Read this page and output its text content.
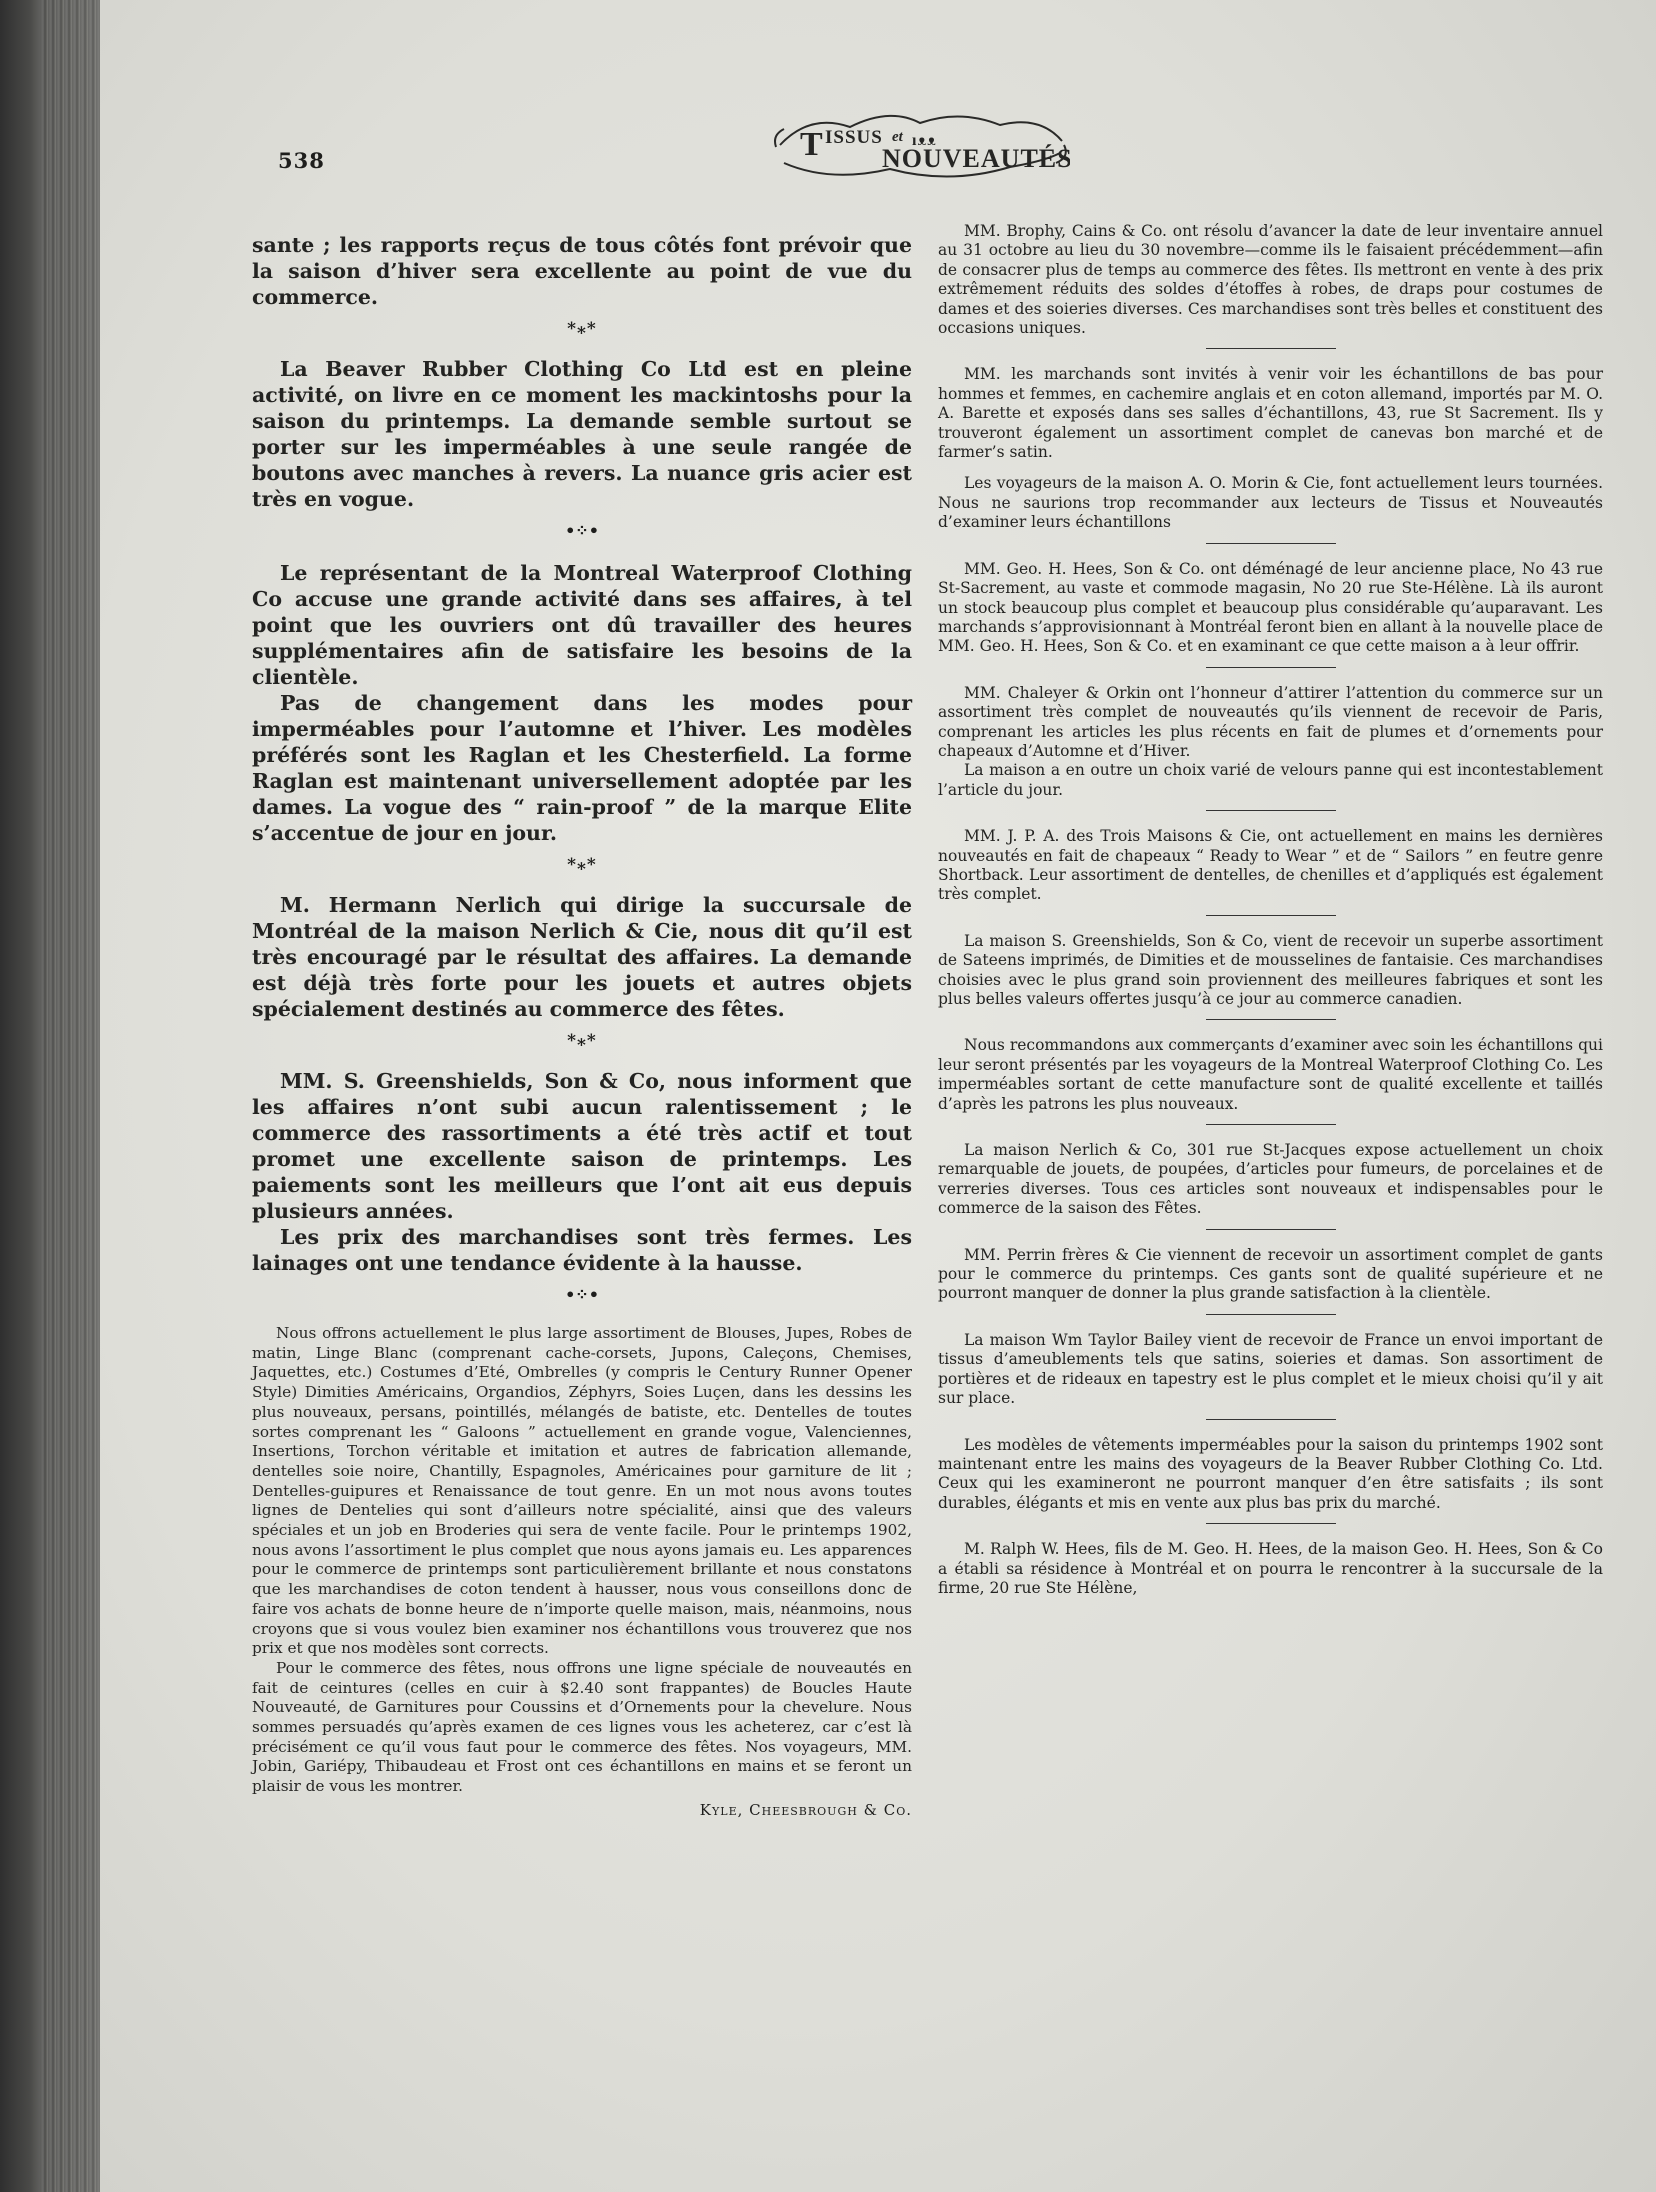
538	T ISSUS et ıᴥᴥ
NOUVEAUTÉS

sante ; les rapports reçus de tous côtés font prévoir que la saison d’hiver sera excellente au point de vue du commerce.

*⁎*

La Beaver Rubber Clothing Co Ltd est en pleine activité, on livre en ce moment les mackintoshs pour la saison du printemps. La demande semble surtout se porter sur les imperméables à une seule rangée de boutons avec manches à revers. La nuance gris acier est très en vogue.

•⁘•

Le représentant de la Montreal Waterproof Clothing Co accuse une grande activité dans ses affaires, à tel point que les ouvriers ont dû travailler des heures supplémentaires afin de satisfaire les besoins de la clientèle.

Pas de changement dans les modes pour imperméables pour l’automne et l’hiver. Les modèles préférés sont les Raglan et les Chesterfield. La forme Raglan est maintenant universellement adoptée par les dames. La vogue des “ rain-proof ” de la marque Elite s’accentue de jour en jour.

*⁎*

M. Hermann Nerlich qui dirige la succursale de Montréal de la maison Nerlich & Cie, nous dit qu’il est très encouragé par le résultat des affaires. La demande est déjà très forte pour les jouets et autres objets spécialement destinés au commerce des fêtes.

*⁎*

MM. S. Greenshields, Son & Co, nous informent que les affaires n’ont subi aucun ralentissement ; le commerce des rassortiments a été très actif et tout promet une excellente saison de printemps. Les paiements sont les meilleurs que l’ont ait eus depuis plusieurs années.

Les prix des marchandises sont très fermes. Les lainages ont une tendance évidente à la hausse.

•⁘•

Nous offrons actuellement le plus large assortiment de Blouses, Jupes, Robes de matin, Linge Blanc (comprenant cache-corsets, Jupons, Caleçons, Chemises, Jaquettes, etc.) Costumes d’Eté, Ombrelles (y compris le Century Runner Opener Style) Dimities Américains, Organdios, Zéphyrs, Soies Luçen, dans les dessins les plus nouveaux, persans, pointillés, mélangés de batiste, etc. Dentelles de toutes sortes comprenant les “ Galoons ” actuellement en grande vogue, Valenciennes, Insertions, Torchon véritable et imitation et autres de fabrication allemande, dentelles soie noire, Chantilly, Espagnoles, Américaines pour garniture de lit ; Dentelles-guipures et Renaissance de tout genre. En un mot nous avons toutes lignes de Dentelies qui sont d’ailleurs notre spécialité, ainsi que des valeurs spéciales et un job en Broderies qui sera de vente facile. Pour le printemps 1902, nous avons l’assortiment le plus complet que nous ayons jamais eu. Les apparences pour le commerce de printemps sont particulièrement brillante et nous constatons que les marchandises de coton tendent à hausser, nous vous conseillons donc de faire vos achats de bonne heure de n’importe quelle maison, mais, néanmoins, nous croyons que si vous voulez bien examiner nos échantillons vous trouverez que nos prix et que nos modèles sont corrects.

Pour le commerce des fêtes, nous offrons une ligne spéciale de nouveautés en fait de ceintures (celles en cuir à $2.40 sont frappantes) de Boucles Haute Nouveauté, de Garnitures pour Coussins et d’Ornements pour la chevelure. Nous sommes persuadés qu’après examen de ces lignes vous les acheterez, car c’est là précisément ce qu’il vous faut pour le commerce des fêtes. Nos voyageurs, MM. Jobin, Gariépy, Thibaudeau et Frost ont ces échantillons en mains et se feront un plaisir de vous les montrer.

Kyle, Cheesbrough & Co.

MM. Brophy, Cains & Co. ont résolu d’avancer la date de leur inventaire annuel au 31 octobre au lieu du 30 novembre—comme ils le faisaient précédemment—afin de consacrer plus de temps au commerce des fêtes. Ils mettront en vente à des prix extrêmement réduits des soldes d’étoffes à robes, de draps pour costumes de dames et des soieries diverses. Ces marchandises sont très belles et constituent des occasions uniques.

MM. les marchands sont invités à venir voir les échantillons de bas pour hommes et femmes, en cachemire anglais et en coton allemand, importés par M. O. A. Barette et exposés dans ses salles d’échantillons, 43, rue St Sacrement. Ils y trouveront également un assortiment complet de canevas bon marché et de farmer’s satin.

Les voyageurs de la maison A. O. Morin & Cie, font actuellement leurs tournées. Nous ne saurions trop recommander aux lecteurs de Tissus et Nouveautés d’examiner leurs échantillons

MM. Geo. H. Hees, Son & Co. ont déménagé de leur ancienne place, No 43 rue St-Sacrement, au vaste et commode magasin, No 20 rue Ste-Hélène. Là ils auront un stock beaucoup plus complet et beaucoup plus considérable qu’auparavant. Les marchands s’approvisionnant à Montréal feront bien en allant à la nouvelle place de MM. Geo. H. Hees, Son & Co. et en examinant ce que cette maison a à leur offrir.

MM. Chaleyer & Orkin ont l’honneur d’attirer l’attention du commerce sur un assortiment très complet de nouveautés qu’ils viennent de recevoir de Paris, comprenant les articles les plus récents en fait de plumes et d’ornements pour chapeaux d’Automne et d’Hiver.

La maison a en outre un choix varié de velours panne qui est incontestablement l’article du jour.

MM. J. P. A. des Trois Maisons & Cie, ont actuellement en mains les dernières nouveautés en fait de chapeaux “ Ready to Wear ” et de “ Sailors ” en feutre genre Shortback. Leur assortiment de dentelles, de chenilles et d’appliqués est également très complet.

La maison S. Greenshields, Son & Co, vient de recevoir un superbe assortiment de Sateens imprimés, de Dimities et de mousselines de fantaisie. Ces marchandises choisies avec le plus grand soin proviennent des meilleures fabriques et sont les plus belles valeurs offertes jusqu’à ce jour au commerce canadien.

Nous recommandons aux commerçants d’examiner avec soin les échantillons qui leur seront présentés par les voyageurs de la Montreal Waterproof Clothing Co. Les imperméables sortant de cette manufacture sont de qualité excellente et taillés d’après les patrons les plus nouveaux.

La maison Nerlich & Co, 301 rue St-Jacques expose actuellement un choix remarquable de jouets, de poupées, d’articles pour fumeurs, de porcelaines et de verreries diverses. Tous ces articles sont nouveaux et indispensables pour le commerce de la saison des Fêtes.

MM. Perrin frères & Cie viennent de recevoir un assortiment complet de gants pour le commerce du printemps. Ces gants sont de qualité supérieure et ne pourront manquer de donner la plus grande satisfaction à la clientèle.

La maison Wm Taylor Bailey vient de recevoir de France un envoi important de tissus d’ameublements tels que satins, soieries et damas. Son assortiment de portières et de rideaux en tapestry est le plus complet et le mieux choisi qu’il y ait sur place.

Les modèles de vêtements imperméables pour la saison du printemps 1902 sont maintenant entre les mains des voyageurs de la Beaver Rubber Clothing Co. Ltd. Ceux qui les examineront ne pourront manquer d’en être satisfaits ; ils sont durables, élégants et mis en vente aux plus bas prix du marché.

M. Ralph W. Hees, fils de M. Geo. H. Hees, de la maison Geo. H. Hees, Son & Co a établi sa résidence à Montréal et on pourra le rencontrer à la succursale de la firme, 20 rue Ste Hélène,
